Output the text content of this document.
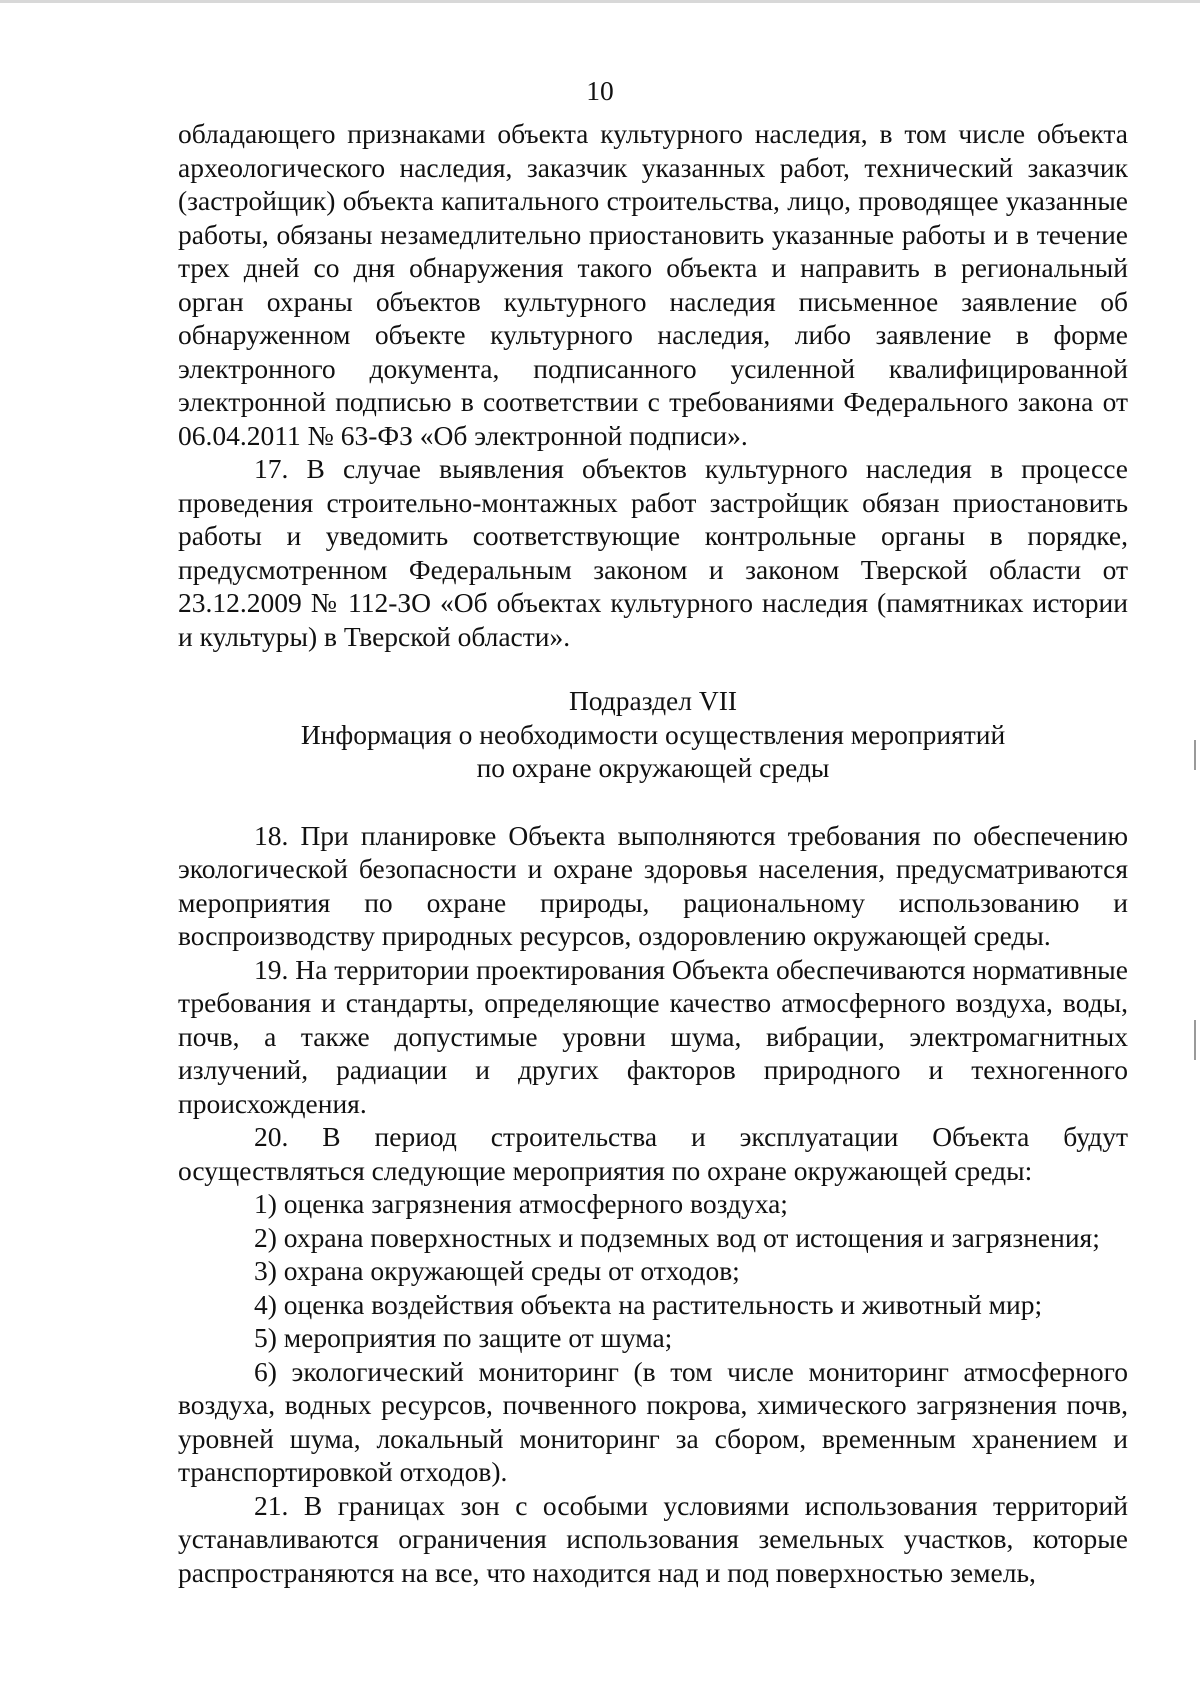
10

обладающего признаками объекта культурного наследия, в том числе объекта археологического наследия, заказчик указанных работ, технический заказчик (застройщик) объекта капитального строительства, лицо, проводящее указанные работы, обязаны незамедлительно приостановить указанные работы и в течение трех дней со дня обнаружения такого объекта и направить в региональный орган охраны объектов культурного наследия письменное заявление об обнаруженном объекте культурного наследия, либо заявление в форме электронного документа, подписанного усиленной квалифицированной электронной подписью в соответствии с требованиями Федерального закона от 06.04.2011 № 63-ФЗ «Об электронной подписи».

17. В случае выявления объектов культурного наследия в процессе проведения строительно-монтажных работ застройщик обязан приостановить работы и уведомить соответствующие контрольные органы в порядке, предусмотренном Федеральным законом и законом Тверской области от 23.12.2009 № 112-ЗО «Об объектах культурного наследия (памятниках истории и культуры) в Тверской области».

Подраздел VII

Информация о необходимости осуществления мероприятий

по охране окружающей среды

18. При планировке Объекта выполняются требования по обеспечению экологической безопасности и охране здоровья населения, предусматриваются мероприятия по охране природы, рациональному использованию и воспроизводству природных ресурсов, оздоровлению окружающей среды.

19. На территории проектирования Объекта обеспечиваются нормативные требования и стандарты, определяющие качество атмосферного воздуха, воды, почв, а также допустимые уровни шума, вибрации, электромагнитных излучений, радиации и других факторов природного и техногенного происхождения.

20. В период строительства и эксплуатации Объекта будут осуществляться следующие мероприятия по охране окружающей среды:

1) оценка загрязнения атмосферного воздуха;

2) охрана поверхностных и подземных вод от истощения и загрязнения;

3) охрана окружающей среды от отходов;

4) оценка воздействия объекта на растительность и животный мир;

5) мероприятия по защите от шума;

6) экологический мониторинг (в том числе мониторинг атмосферного воздуха, водных ресурсов, почвенного покрова, химического загрязнения почв, уровней шума, локальный мониторинг за сбором, временным хранением и транспортировкой отходов).

21. В границах зон с особыми условиями использования территорий устанавливаются ограничения использования земельных участков, которые распространяются на все, что находится над и под поверхностью земель,
